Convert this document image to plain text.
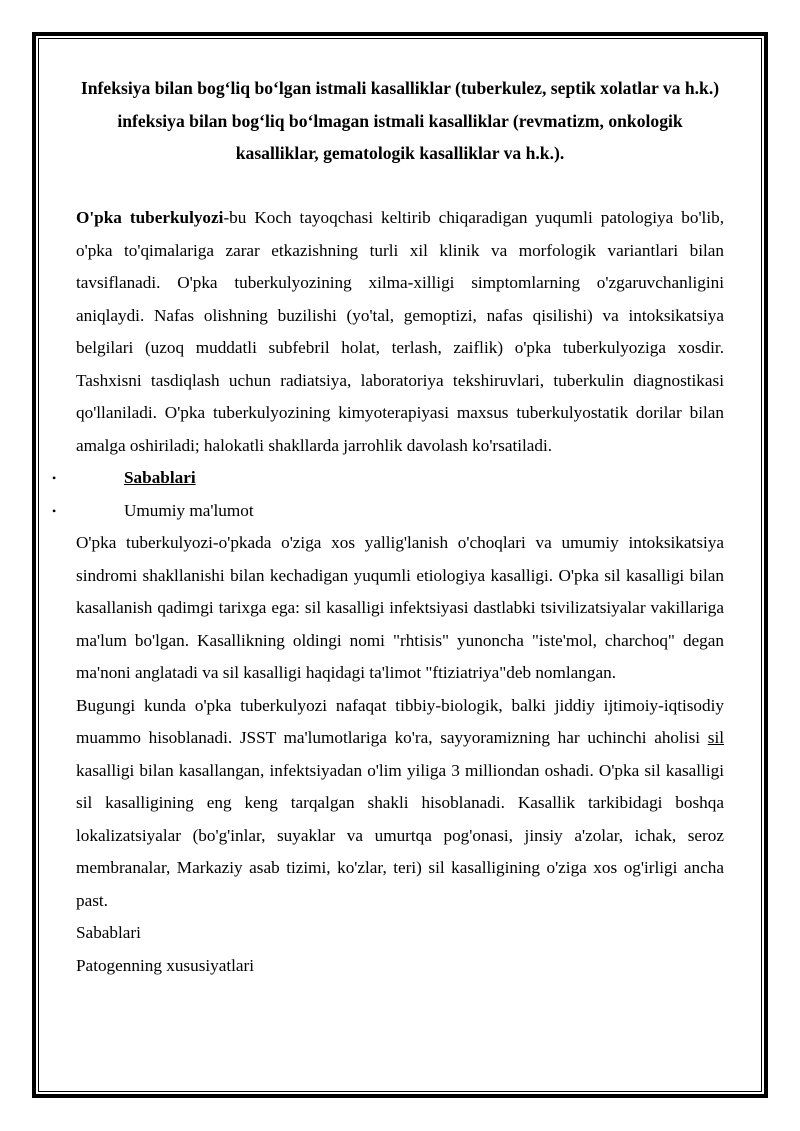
Infeksiya bilan bog‘liq bo‘lgan istmali kasalliklar (tuberkulez, septik xolatlar va h.k.) infeksiya bilan bog‘liq bo‘lmagan istmali kasalliklar (revmatizm, onkologik kasalliklar, gematologik kasalliklar va h.k.).

O'pka tuberkulyozi-bu Koch tayoqchasi keltirib chiqaradigan yuqumli patologiya bo'lib, o'pka to'qimalariga zarar etkazishning turli xil klinik va morfologik variantlari bilan tavsiflanadi. O'pka tuberkulyozining xilma-xilligi simptomlarning o'zgaruvchanligini aniqlaydi. Nafas olishning buzilishi (yo'tal, gemoptizi, nafas qisilishi) va intoksikatsiya belgilari (uzoq muddatli subfebril holat, terlash, zaiflik) o'pka tuberkulyoziga xosdir. Tashxisni tasdiqlash uchun radiatsiya, laboratoriya tekshiruvlari, tuberkulin diagnostikasi qo'llaniladi. O'pka tuberkulyozining kimyoterapiyasi maxsus tuberkulyostatik dorilar bilan amalga oshiriladi; halokatli shakllarda jarrohlik davolash ko'rsatiladi.

•	Sabablari
•	Umumiy ma'lumot

O'pka tuberkulyozi-o'pkada o'ziga xos yallig'lanish o'choqlari va umumiy intoksikatsiya sindromi shakllanishi bilan kechadigan yuqumli etiologiya kasalligi. O'pka sil kasalligi bilan kasallanish qadimgi tarixga ega: sil kasalligi infektsiyasi dastlabki tsivilizatsiyalar vakillariga ma'lum bo'lgan. Kasallikning oldingi nomi "rhtisis" yunoncha "iste'mol, charchoq" degan ma'noni anglatadi va sil kasalligi haqidagi ta'limot "ftiziatriya"deb nomlangan.

Bugungi kunda o'pka tuberkulyozi nafaqat tibbiy-biologik, balki jiddiy ijtimoiy-iqtisodiy muammo hisoblanadi. JSST ma'lumotlariga ko'ra, sayyoramizning har uchinchi aholisi sil kasalligi bilan kasallangan, infektsiyadan o'lim yiliga 3 milliondan oshadi. O'pka sil kasalligi sil kasalligining eng keng tarqalgan shakli hisoblanadi. Kasallik tarkibidagi boshqa lokalizatsiyalar (bo'g'inlar, suyaklar va umurtqa pog'onasi, jinsiy a'zolar, ichak, seroz membranalar, Markaziy asab tizimi, ko'zlar, teri) sil kasalligining o'ziga xos og'irligi ancha past.

Sabablari

Patogenning xususiyatlari
